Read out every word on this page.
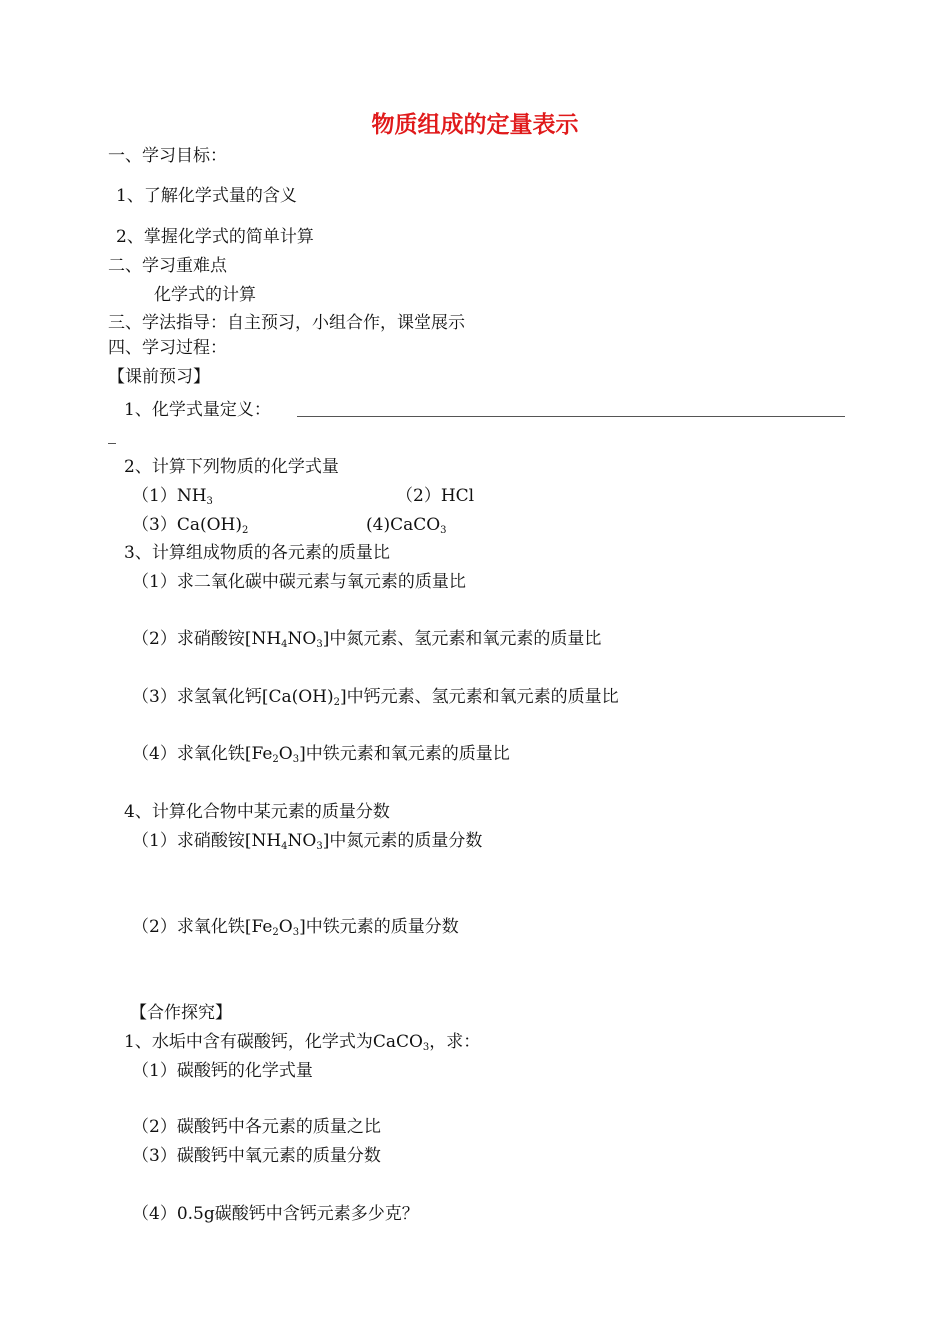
物质组成的定量表示
一、学习目标：
1、了解化学式量的含义
2、掌握化学式的简单计算
二、学习重难点
化学式的计算
三、学法指导：自主预习，小组合作，课堂展示
四、学习过程：
【课前预习】
1、化学式量定义：
2、计算下列物质的化学式量
$(1)NH_3$	（2）HCl
$(3)Ca(OH)_2$	(4)CaCO$_3$
3、计算组成物质的各元素的质量比
（1）求二氧化碳中碳元素与氧元素的质量比
（2）求硝酸铵$[NH_4NO_3]$中氮元素、氢元素和氧元素的质量比
（3）求氢氧化钙$[Ca(OH)_2]$中钙元素、氢元素和氧元素的质量比
（4）求氧化铁$[Fe_2O_3]$中铁元素和氧元素的质量比
4、计算化合物中某元素的质量分数
（1）求硝酸铵$[NH_4NO_3]$中氮元素的质量分数
（2）求氧化铁$[Fe_2O_3]$中铁元素的质量分数
【合作探究】
1、水垢中含有碳酸钙，化学式为CaCO$_3$，求：
（1）碳酸钙的化学式量
（2）碳酸钙中各元素的质量之比
（3）碳酸钙中氧元素的质量分数
（4）0.5g碳酸钙中含钙元素多少克？
